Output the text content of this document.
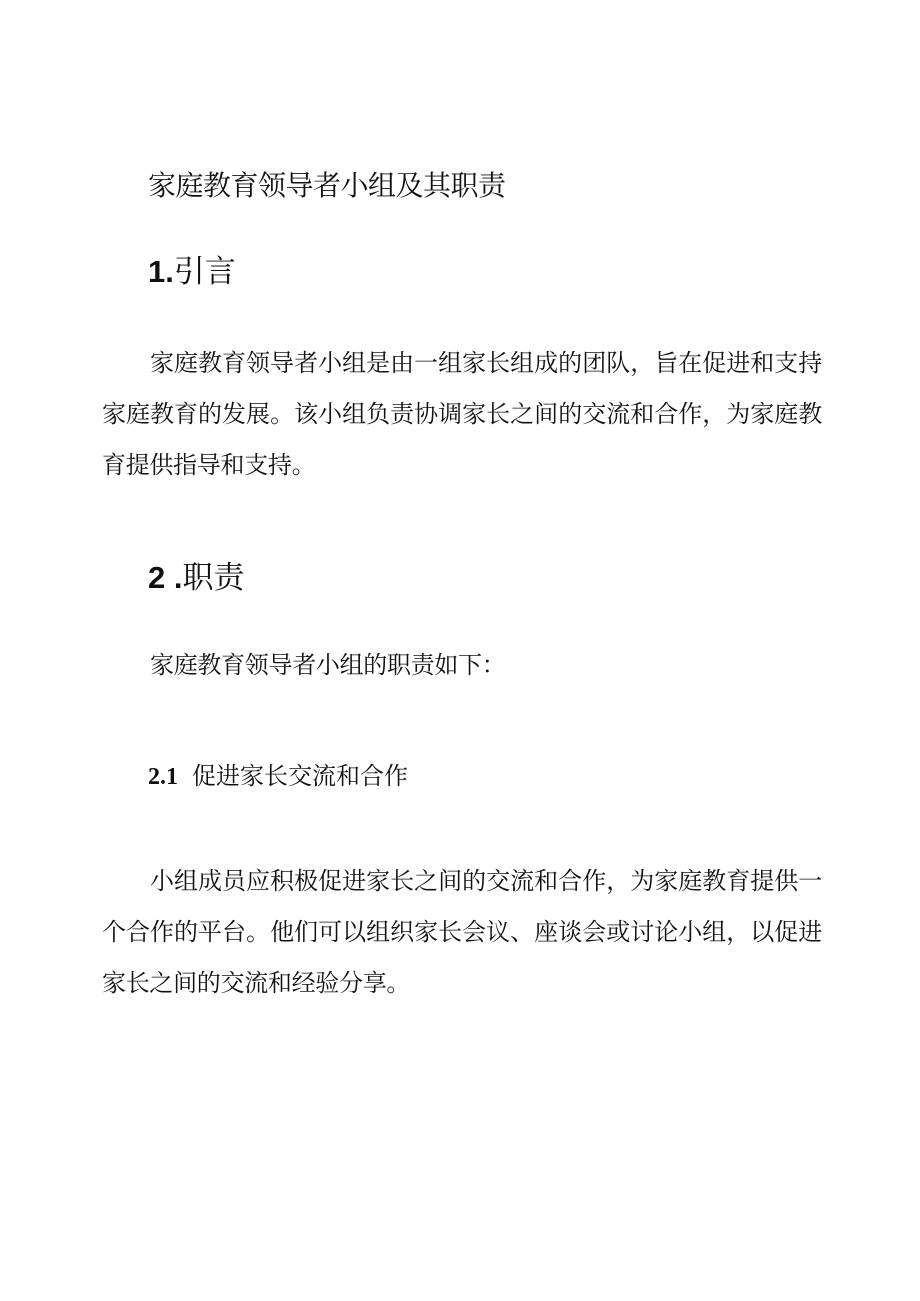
家庭教育领导者小组及其职责
1.引言

家庭教育领导者小组是由一组家长组成的团队，旨在促进和支持家庭教育的发展。该小组负责协调家长之间的交流和合作，为家庭教育提供指导和支持。

2 .职责

家庭教育领导者小组的职责如下：

2.1 促进家长交流和合作

小组成员应积极促进家长之间的交流和合作，为家庭教育提供一个合作的平台。他们可以组织家长会议、座谈会或讨论小组，以促进家长之间的交流和经验分享。
